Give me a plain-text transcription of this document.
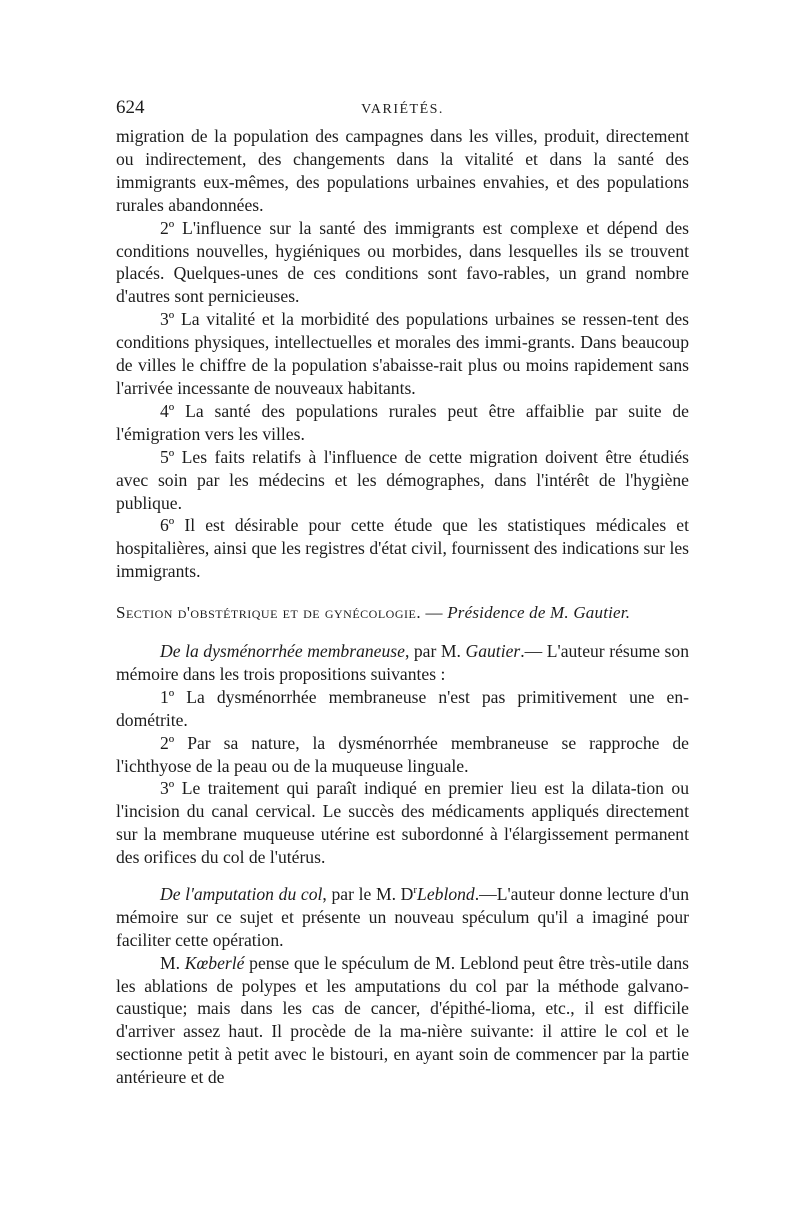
624	VARIÉTÉS.

migration de la population des campagnes dans les villes, produit, directement ou indirectement, des changements dans la vitalité et dans la santé des immigrants eux-mêmes, des populations urbaines envahies, et des populations rurales abandonnées.

2º L'influence sur la santé des immigrants est complexe et dépend des conditions nouvelles, hygiéniques ou morbides, dans lesquelles ils se trouvent placés. Quelques-unes de ces conditions sont favo-rables, un grand nombre d'autres sont pernicieuses.

3º La vitalité et la morbidité des populations urbaines se ressen-tent des conditions physiques, intellectuelles et morales des immi-grants. Dans beaucoup de villes le chiffre de la population s'abaisse-rait plus ou moins rapidement sans l'arrivée incessante de nouveaux habitants.

4º La santé des populations rurales peut être affaiblie par suite de l'émigration vers les villes.

5º Les faits relatifs à l'influence de cette migration doivent être étudiés avec soin par les médecins et les démographes, dans l'intérêt de l'hygiène publique.

6º Il est désirable pour cette étude que les statistiques médicales et hospitalières, ainsi que les registres d'état civil, fournissent des indications sur les immigrants.

Section d'obstétrique et de gynécologie. — Présidence de M. Gautier.

De la dysménorrhée membraneuse, par M. Gautier.— L'auteur résume son mémoire dans les trois propositions suivantes :

1º La dysménorrhée membraneuse n'est pas primitivement une en-dométrite.

2º Par sa nature, la dysménorrhée membraneuse se rapproche de l'ichthyose de la peau ou de la muqueuse linguale.

3º Le traitement qui paraît indiqué en premier lieu est la dilata-tion ou l'incision du canal cervical. Le succès des médicaments appliqués directement sur la membrane muqueuse utérine est subordonné à l'élargissement permanent des orifices du col de l'utérus.

De l'amputation du col, par le M. $D^rLeblond.—L'auteur$ donne lecture d'un mémoire sur ce sujet et présente un nouveau spéculum qu'il a imaginé pour faciliter cette opération.

M. Kœberlé pense que le spéculum de M. Leblond peut être très-utile dans les ablations de polypes et les amputations du col par la méthode galvano-caustique; mais dans les cas de cancer, d'épithé-lioma, etc., il est difficile d'arriver assez haut. Il procède de la ma-nière suivante: il attire le col et le sectionne petit à petit avec le bistouri, en ayant soin de commencer par la partie antérieure et de
